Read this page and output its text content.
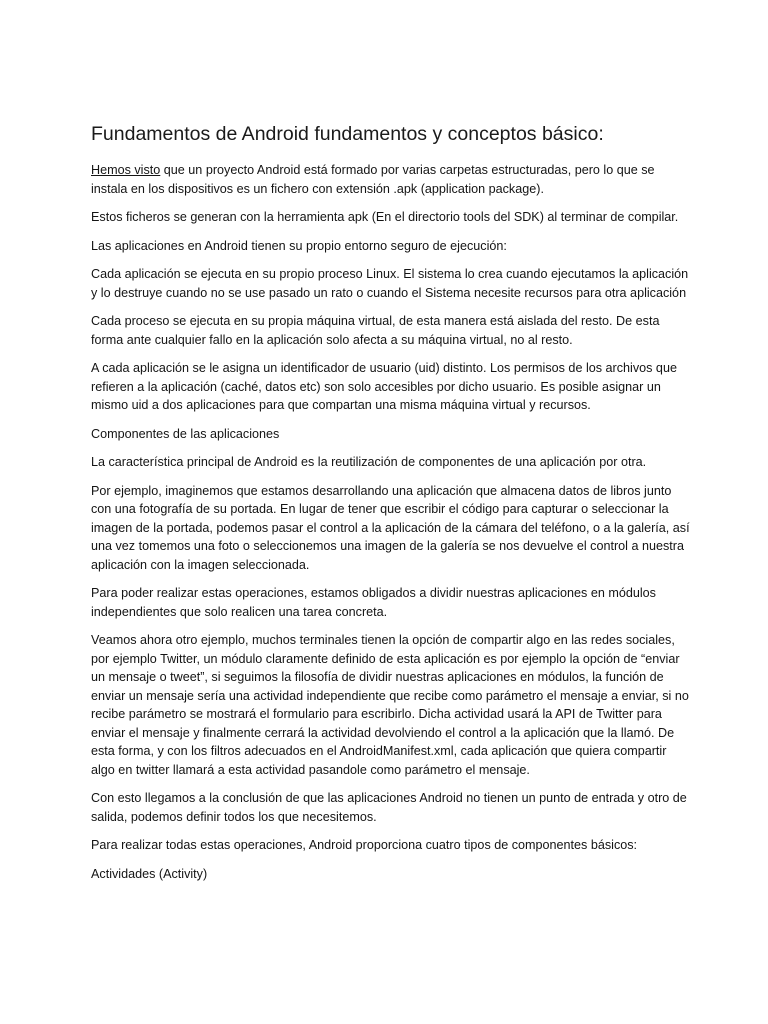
Fundamentos de Android fundamentos y conceptos básico:

Hemos visto que un proyecto Android está formado por varias carpetas estructuradas, pero lo que se instala en los dispositivos es un fichero con extensión .apk (application package).

Estos ficheros se generan con la herramienta apk (En el directorio tools del SDK) al terminar de compilar.

Las aplicaciones en Android tienen su propio entorno seguro de ejecución:

Cada aplicación se ejecuta en su propio proceso Linux. El sistema lo crea cuando ejecutamos la aplicación y lo destruye cuando no se use pasado un rato o cuando el Sistema necesite recursos para otra aplicación

Cada proceso se ejecuta en su propia máquina virtual, de esta manera está aislada del resto. De esta forma ante cualquier fallo en la aplicación solo afecta a su máquina virtual, no al resto.

A cada aplicación se le asigna un identificador de usuario (uid) distinto. Los permisos de los archivos que refieren a la aplicación (caché, datos etc) son solo accesibles por dicho usuario. Es posible asignar un mismo uid a dos aplicaciones para que compartan una misma máquina virtual y recursos.

Componentes de las aplicaciones

La característica principal de Android es la reutilización de componentes de una aplicación por otra.

Por ejemplo, imaginemos que estamos desarrollando una aplicación que almacena datos de libros junto con una fotografía de su portada. En lugar de tener que escribir el código para capturar o seleccionar la imagen de la portada, podemos pasar el control a la aplicación de la cámara del teléfono, o a la galería, así una vez tomemos una foto o seleccionemos una imagen de la galería se nos devuelve el control a nuestra aplicación con la imagen seleccionada.

Para poder realizar estas operaciones, estamos obligados a dividir nuestras aplicaciones en módulos independientes que solo realicen una tarea concreta.

Veamos ahora otro ejemplo, muchos terminales tienen la opción de compartir algo en las redes sociales, por ejemplo Twitter, un módulo claramente definido de esta aplicación es por ejemplo la opción de “enviar un mensaje o tweet”, si seguimos la filosofía de dividir nuestras aplicaciones en módulos, la función de enviar un mensaje sería una actividad independiente que recibe como parámetro el mensaje a enviar, si no recibe parámetro se mostrará el formulario para escribirlo. Dicha actividad usará la API de Twitter para enviar el mensaje y finalmente cerrará la actividad devolviendo el control a la aplicación que la llamó. De esta forma, y con los filtros adecuados en el AndroidManifest.xml, cada aplicación que quiera compartir algo en twitter llamará a esta actividad pasandole como parámetro el mensaje.

Con esto llegamos a la conclusión de que las aplicaciones Android no tienen un punto de entrada y otro de salida, podemos definir todos los que necesitemos.

Para realizar todas estas operaciones, Android proporciona cuatro tipos de componentes básicos:

Actividades (Activity)
